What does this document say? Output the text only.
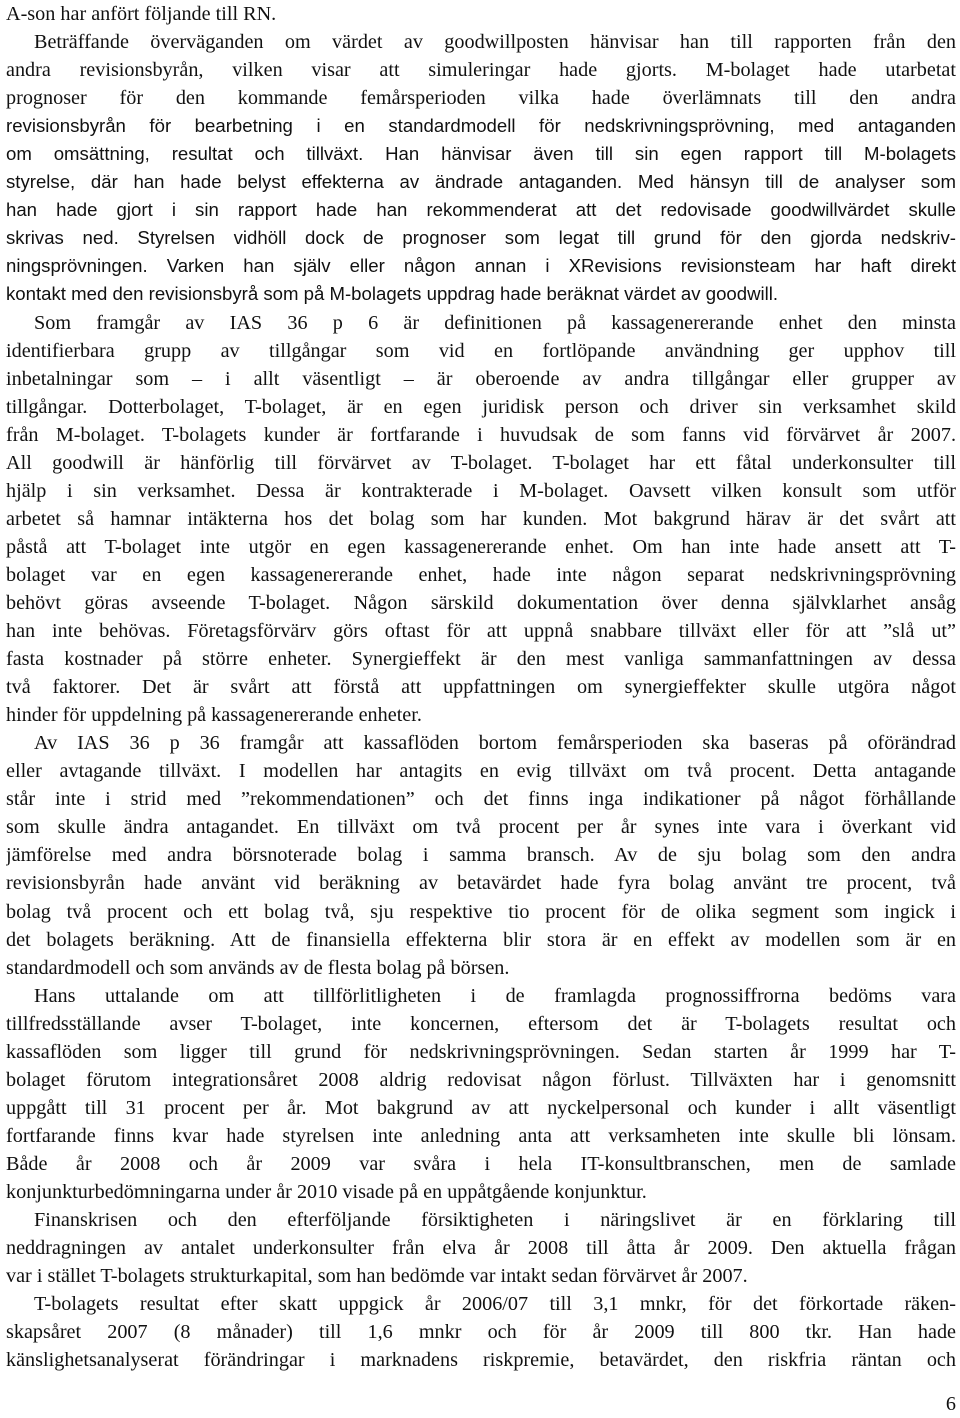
A-son har anfört följande till RN.
Beträffande överväganden om värdet av goodwillposten hänvisar han till rapporten från den
andra revisionsbyrån, vilken visar att simuleringar hade gjorts. M-bolaget hade utarbetat
prognoser för den kommande femårsperioden vilka hade överlämnats till den andra
revisionsbyrån för bearbetning i en standardmodell för nedskrivningsprövning, med antaganden
om omsättning, resultat och tillväxt. Han hänvisar även till sin egen rapport till M-bolagets
styrelse, där han hade belyst effekterna av ändrade antaganden. Med hänsyn till de analyser som
han hade gjort i sin rapport hade han rekommenderat att det redovisade goodwillvärdet skulle
skrivas ned. Styrelsen vidhöll dock de prognoser som legat till grund för den gjorda nedskriv-
ningsprövningen. Varken han själv eller någon annan i XRevisions revisionsteam har haft direkt
kontakt med den revisionsbyrå som på M-bolagets uppdrag hade beräknat värdet av goodwill.
Som framgår av IAS 36 p 6 är definitionen på kassagenererande enhet den minsta
identifierbara grupp av tillgångar som vid en fortlöpande användning ger upphov till
inbetalningar som – i allt väsentligt – är oberoende av andra tillgångar eller grupper av
tillgångar. Dotterbolaget, T-bolaget, är en egen juridisk person och driver sin verksamhet skild
från M-bolaget. T-bolagets kunder är fortfarande i huvudsak de som fanns vid förvärvet år 2007.
All goodwill är hänförlig till förvärvet av T-bolaget. T-bolaget har ett fåtal underkonsulter till
hjälp i sin verksamhet. Dessa är kontrakterade i M-bolaget. Oavsett vilken konsult som utför
arbetet så hamnar intäkterna hos det bolag som har kunden. Mot bakgrund härav är det svårt att
påstå att T-bolaget inte utgör en egen kassagenererande enhet. Om han inte hade ansett att T-
bolaget var en egen kassagenererande enhet, hade inte någon separat nedskrivningsprövning
behövt göras avseende T-bolaget. Någon särskild dokumentation över denna självklarhet ansåg
han inte behövas. Företagsförvärv görs oftast för att uppnå snabbare tillväxt eller för att ”slå ut”
fasta kostnader på större enheter. Synergieffekt är den mest vanliga sammanfattningen av dessa
två faktorer. Det är svårt att förstå att uppfattningen om synergieffekter skulle utgöra något
hinder för uppdelning på kassagenererande enheter.
Av IAS 36 p 36 framgår att kassaflöden bortom femårsperioden ska baseras på oförändrad
eller avtagande tillväxt. I modellen har antagits en evig tillväxt om två procent. Detta antagande
står inte i strid med ”rekommendationen” och det finns inga indikationer på något förhållande
som skulle ändra antagandet. En tillväxt om två procent per år synes inte vara i överkant vid
jämförelse med andra börsnoterade bolag i samma bransch. Av de sju bolag som den andra
revisionsbyrån hade använt vid beräkning av betavärdet hade fyra bolag använt tre procent, två
bolag två procent och ett bolag två, sju respektive tio procent för de olika segment som ingick i
det bolagets beräkning. Att de finansiella effekterna blir stora är en effekt av modellen som är en
standardmodell och som används av de flesta bolag på börsen.
Hans uttalande om att tillförlitligheten i de framlagda prognossiffrorna bedöms vara
tillfredsställande avser T-bolaget, inte koncernen, eftersom det är T-bolagets resultat och
kassaflöden som ligger till grund för nedskrivningsprövningen. Sedan starten år 1999 har T-
bolaget förutom integrationsåret 2008 aldrig redovisat någon förlust. Tillväxten har i genomsnitt
uppgått till 31 procent per år. Mot bakgrund av att nyckelpersonal och kunder i allt väsentligt
fortfarande finns kvar hade styrelsen inte anledning anta att verksamheten inte skulle bli lönsam.
Både år 2008 och år 2009 var svåra i hela IT-konsultbranschen, men de samlade
konjunkturbedömningarna under år 2010 visade på en uppåtgående konjunktur.
Finanskrisen och den efterföljande försiktigheten i näringslivet är en förklaring till
neddragningen av antalet underkonsulter från elva år 2008 till åtta år 2009. Den aktuella frågan
var i stället T-bolagets strukturkapital, som han bedömde var intakt sedan förvärvet år 2007.
T-bolagets resultat efter skatt uppgick år 2006/07 till 3,1 mnkr, för det förkortade räken-
skapsåret 2007 (8 månader) till 1,6 mnkr och för år 2009 till 800 tkr. Han hade
känslighetsanalyserat förändringar i marknadens riskpremie, betavärdet, den riskfria räntan och
6
